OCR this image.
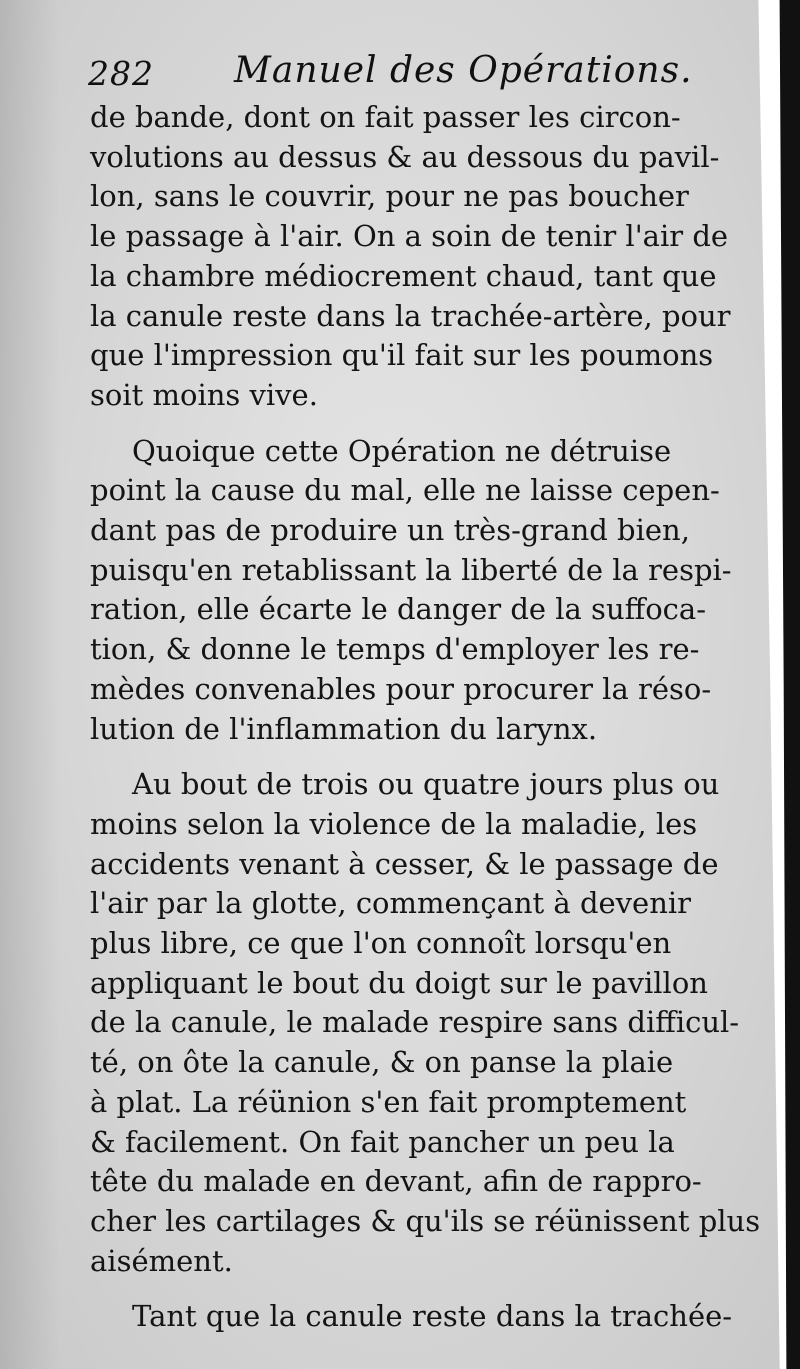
282 Manuel des Opérations.
de bande, dont on fait passer les circon-
volutions au dessus & au dessous du pavil-
lon, sans le couvrir, pour ne pas boucher
le passage à l'air. On a soin de tenir l'air de
la chambre médiocrement chaud, tant que
la canule reste dans la trachée-artère, pour
que l'impression qu'il fait sur les poumons
soit moins vive.
Quoique cette Opération ne détruise
point la cause du mal, elle ne laisse cepen-
dant pas de produire un très-grand bien,
puisqu'en retablissant la liberté de la respi-
ration, elle écarte le danger de la suffoca-
tion, & donne le temps d'employer les re-
mèdes convenables pour procurer la réso-
lution de l'inflammation du larynx.
Au bout de trois ou quatre jours plus ou
moins selon la violence de la maladie, les
accidents venant à cesser, & le passage de
l'air par la glotte, commençant à devenir
plus libre, ce que l'on connoît lorsqu'en
appliquant le bout du doigt sur le pavillon
de la canule, le malade respire sans difficul-
té, on ôte la canule, & on panse la plaie
à plat. La réünion s'en fait promptement
& facilement. On fait pancher un peu la
tête du malade en devant, afin de rappro-
cher les cartilages & qu'ils se réünissent plus
aisément.
Tant que la canule reste dans la trachée-
